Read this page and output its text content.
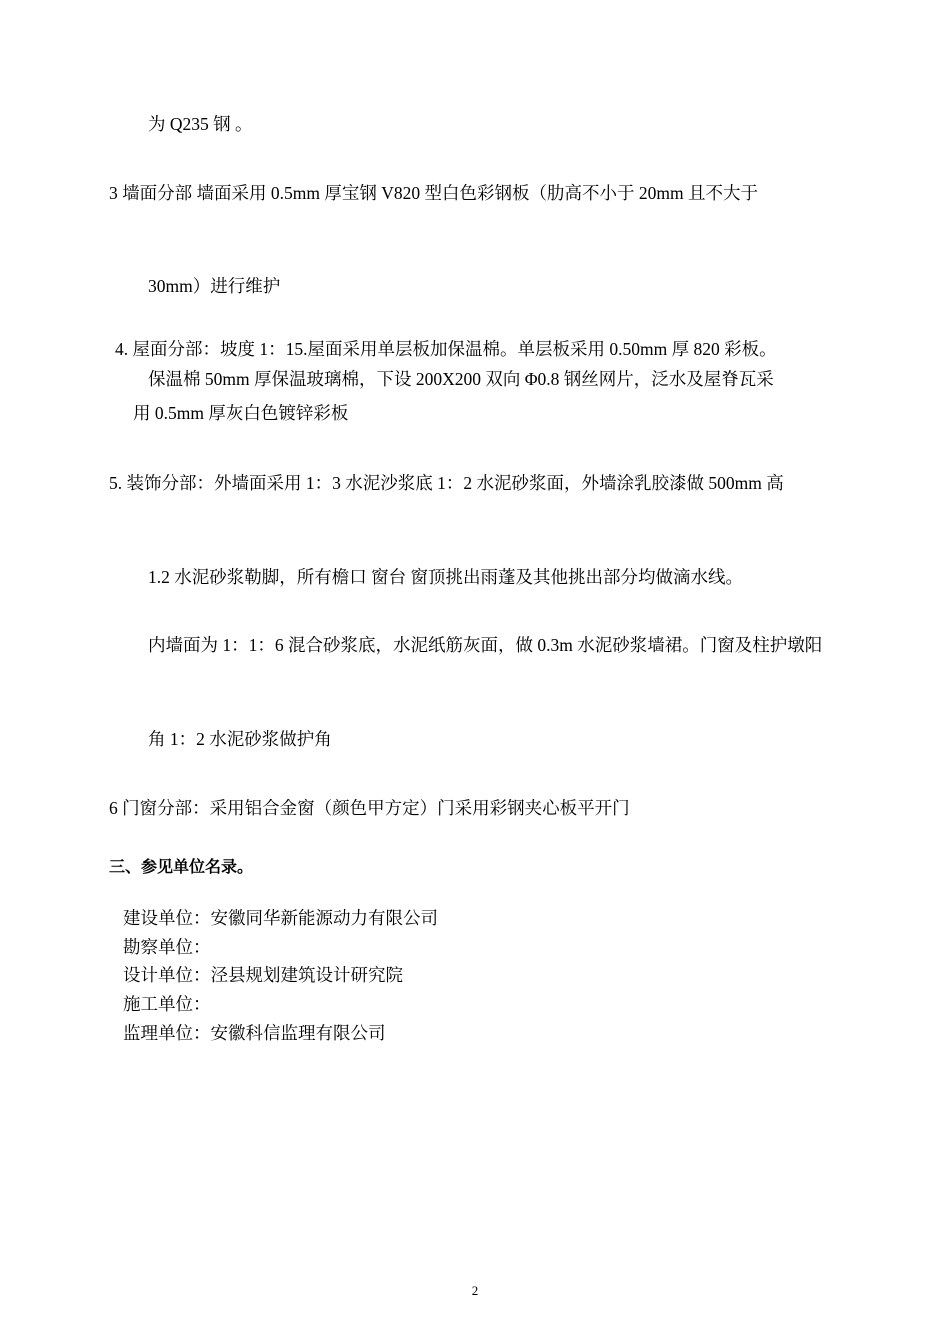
为 Q235 钢 。
3 墙面分部 墙面采用 0.5mm 厚宝钢 V820 型白色彩钢板（肋高不小于 20mm 且不大于
30mm）进行维护
4. 屋面分部：坡度 1：15.屋面采用单层板加保温棉。单层板采用 0.50mm 厚 820 彩板。
保温棉 50mm 厚保温玻璃棉，下设 200X200 双向 Φ0.8 钢丝网片，泛水及屋脊瓦采
用 0.5mm 厚灰白色镀锌彩板
5. 装饰分部：外墙面采用 1：3 水泥沙浆底 1：2 水泥砂浆面，外墙涂乳胶漆做 500mm 高
1.2 水泥砂浆勒脚，所有檐口 窗台 窗顶挑出雨蓬及其他挑出部分均做滴水线。
内墙面为 1：1：6 混合砂浆底，水泥纸筋灰面，做 0.3m 水泥砂浆墙裙。门窗及柱护墩阳
角 1：2 水泥砂浆做护角
6 门窗分部：采用铝合金窗（颜色甲方定）门采用彩钢夹心板平开门
三、参见单位名录。
建设单位：安徽同华新能源动力有限公司
勘察单位：
设计单位：泾县规划建筑设计研究院
施工单位：
监理单位：安徽科信监理有限公司
2
